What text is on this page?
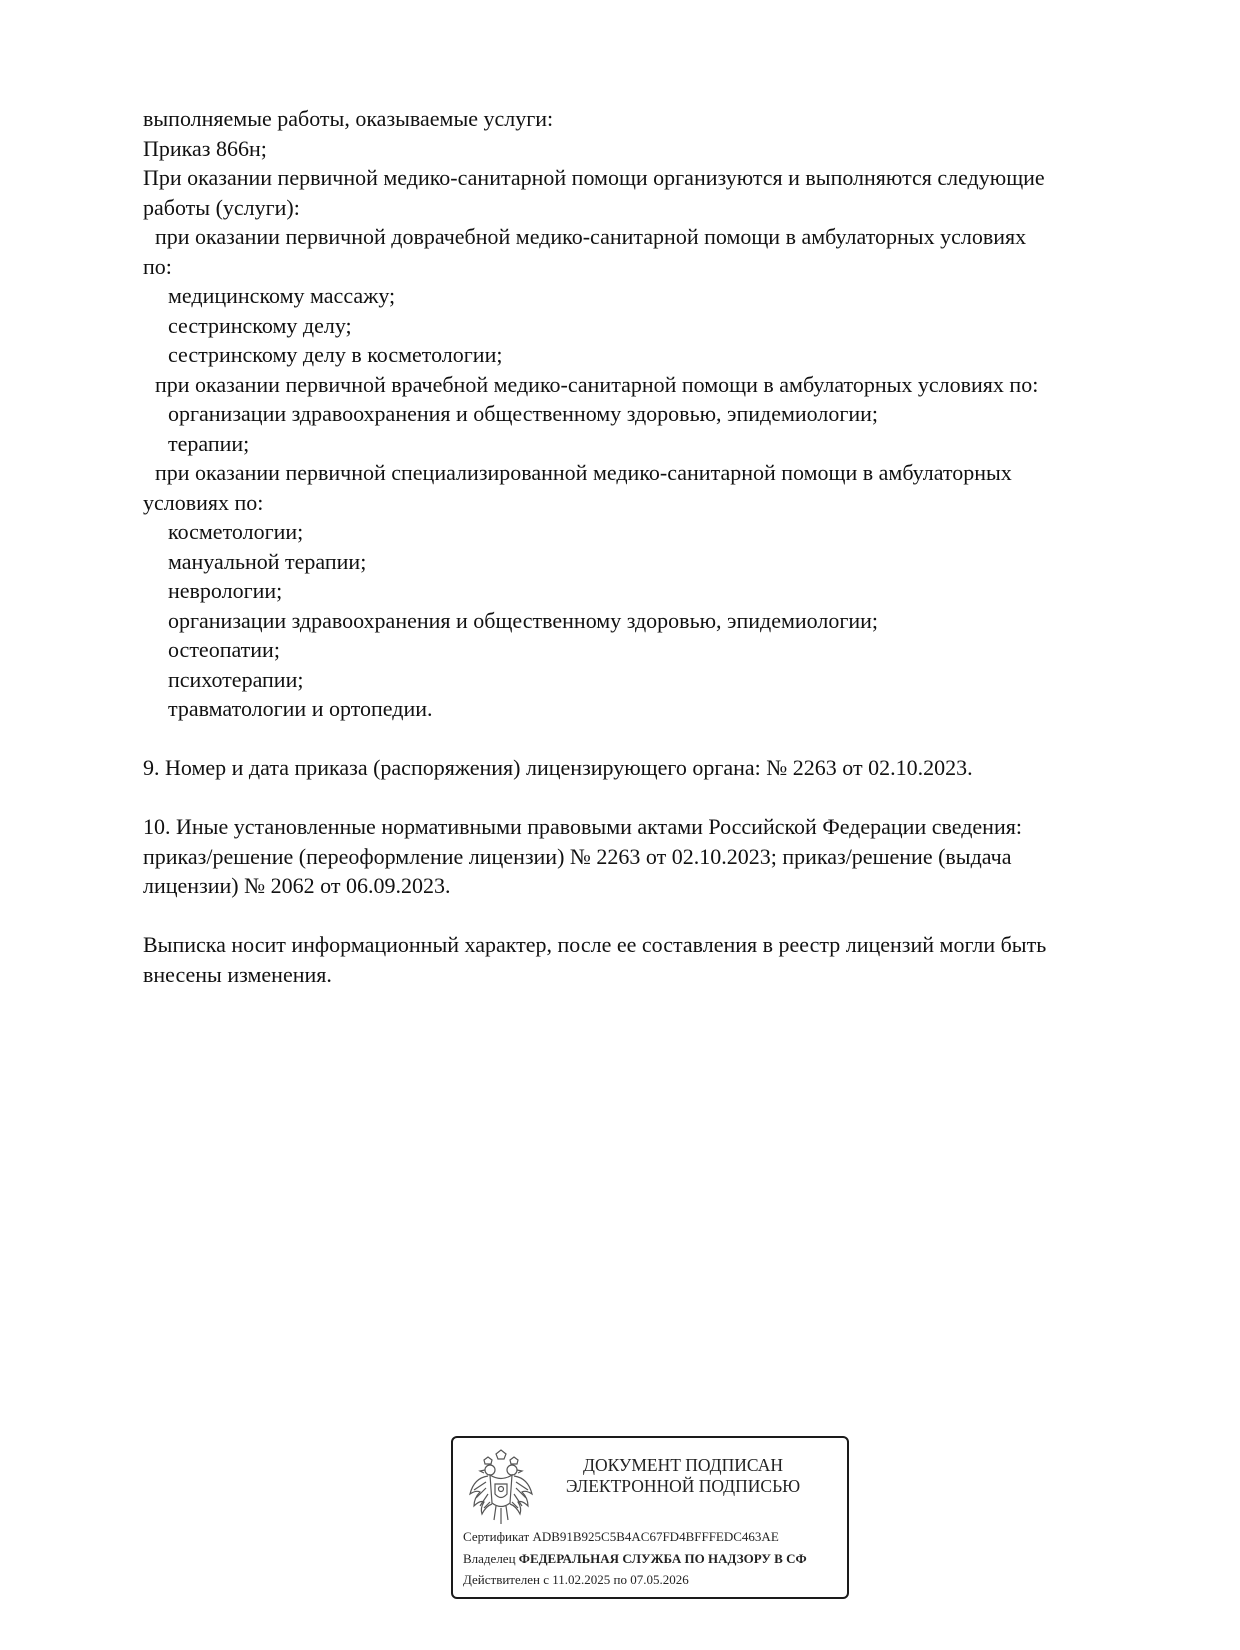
выполняемые работы, оказываемые услуги:
Приказ 866н;
При оказании первичной медико-санитарной помощи организуются и выполняются следующие
работы (услуги):
при оказании первичной доврачебной медико-санитарной помощи в амбулаторных условиях
по:
медицинскому массажу;
сестринскому делу;
сестринскому делу в косметологии;
при оказании первичной врачебной медико-санитарной помощи в амбулаторных условиях по:
организации здравоохранения и общественному здоровью, эпидемиологии;
терапии;
при оказании первичной специализированной медико-санитарной помощи в амбулаторных
условиях по:
косметологии;
мануальной терапии;
неврологии;
организации здравоохранения и общественному здоровью, эпидемиологии;
остеопатии;
психотерапии;
травматологии и ортопедии.
9. Номер и дата приказа (распоряжения) лицензирующего органа: № 2263 от 02.10.2023.
10. Иные установленные нормативными правовыми актами Российской Федерации сведения:
приказ/решение (переоформление лицензии) № 2263 от 02.10.2023; приказ/решение (выдача
лицензии) № 2062 от 06.09.2023.
Выписка носит информационный характер, после ее составления в реестр лицензий могли быть
внесены изменения.
ДОКУМЕНТ ПОДПИСАН
ЭЛЕКТРОННОЙ ПОДПИСЬЮ
Сертификат ADB91B925C5B4AC67FD4BFFFEDC463AE
Владелец ФЕДЕРАЛЬНАЯ СЛУЖБА ПО НАДЗОРУ В СФ
Действителен с 11.02.2025 по 07.05.2026
